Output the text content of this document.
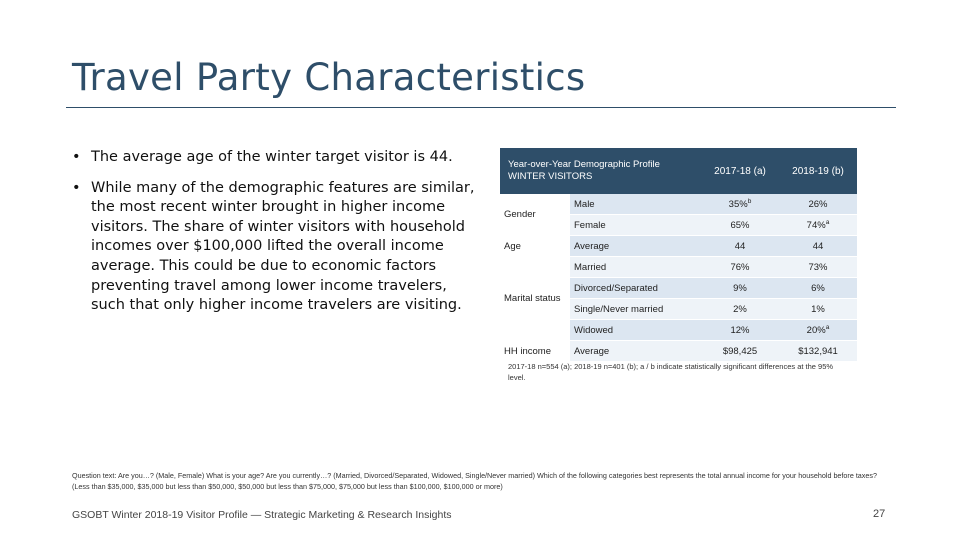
Travel Party Characteristics
• The average age of the winter target visitor is 44.
• While many of the demographic features are similar, the most recent winter brought in higher income visitors. The share of winter visitors with household incomes over $100,000 lifted the overall income average. This could be due to economic factors preventing travel among lower income travelers, such that only higher income travelers are visiting.
Year-over-Year Demographic Profile
WINTER VISITORS		2017-18 (a)	2018-19 (b)
Gender	Male	35%$^b$	26%
	Female	65%	74%$^a$
Age	Average	44	44
Marital status	Married	76%	73%
	Divorced/Separated	9%	6%
	Single/Never married	2%	1%
	Widowed	12%	20%$^a$
HH income	Average	$98,425	$132,941
2017-18 n=554 (a); 2018-19 n=401 (b); a / b indicate statistically significant differences at the 95% level.
Question text: Are you…? (Male, Female) What is your age? Are you currently…? (Married, Divorced/Separated, Widowed, Single/Never married) Which of the following categories best represents the total annual income for your household before taxes? (Less than $35,000, $35,000 but less than $50,000, $50,000 but less than $75,000, $75,000 but less than $100,000, $100,000 or more)
GSOBT Winter 2018-19 Visitor Profile — Strategic Marketing & Research Insights	27
